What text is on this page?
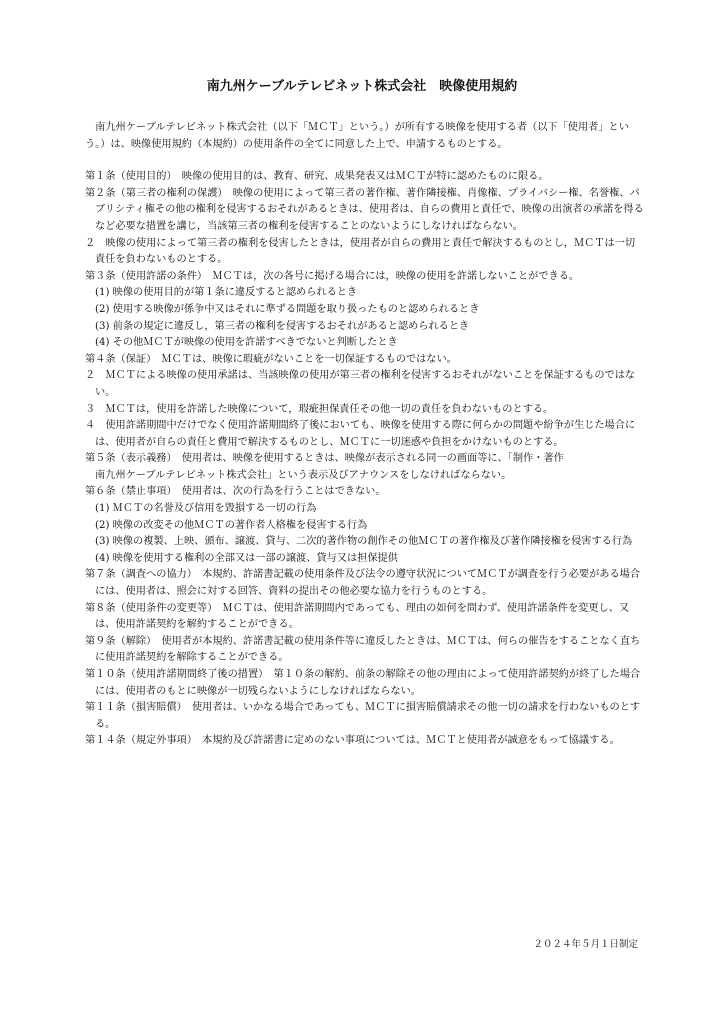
南九州ケーブルテレビネット株式会社　映像使用規約

　南九州ケーブルテレビネット株式会社（以下「ＭＣＴ」という。）が所有する映像を使用する者（以下「使用者」という。）は、映像使用規約（本規約）の使用条件の全てに同意した上で、申請するものとする。

第１条（使用目的）　映像の使用目的は、教育、研究、成果発表又はＭＣＴが特に認めたものに限る。

第２条（第三者の権利の保護）　映像の使用によって第三者の著作権、著作隣接権、肖像権、プライバシー権、名誉権、パブリシティ権その他の権利を侵害するおそれがあるときは、使用者は、自らの費用と責任で、映像の出演者の承諾を得るなど必要な措置を講じ，当該第三者の権利を侵害することのないようにしなければならない。

２　映像の使用によって第三者の権利を侵害したときは，使用者が自らの費用と責任で解決するものとし，ＭＣＴは一切責任を負わないものとする。

第３条（使用許諾の条件）　ＭＣＴは，次の各号に掲げる場合には，映像の使用を許諾しないことができる。

(1) 映像の使用目的が第１条に違反すると認められるとき

(2) 使用する映像が係争中又はそれに準ずる問題を取り扱ったものと認められるとき

(3) 前条の規定に違反し，第三者の権利を侵害するおそれがあると認められるとき

(4) その他ＭＣＴが映像の使用を許諾すべきでないと判断したとき

第４条（保証）　ＭＣＴは、映像に瑕疵がないことを一切保証するものではない。

２　ＭＣＴによる映像の使用承諾は、当該映像の使用が第三者の権利を侵害するおそれがないことを保証するものではない。

３　ＭＣＴは，使用を許諾した映像について，瑕疵担保責任その他一切の責任を負わないものとする。

４　使用許諾期間中だけでなく使用許諾期間終了後においても、映像を使用する際に何らかの問題や紛争が生じた場合には、使用者が自らの責任と費用で解決するものとし、ＭＣＴに一切迷惑や負担をかけないものとする。

第５条（表示義務）　使用者は、映像を使用するときは、映像が表示される同一の画面等に、「制作・著作

南九州ケーブルテレビネット株式会社」という表示及びアナウンスをしなければならない。

第６条（禁止事項）　使用者は、次の行為を行うことはできない。

(1) ＭＣＴの名誉及び信用を毀損する一切の行為

(2) 映像の改変その他ＭＣＴの著作者人格権を侵害する行為

(3) 映像の複製、上映、頒布、譲渡、貸与、二次的著作物の創作その他ＭＣＴの著作権及び著作隣接権を侵害する行為

(4) 映像を使用する権利の全部又は一部の譲渡、貸与又は担保提供

第７条（調査への協力）　本規約、許諾書記載の使用条件及び法令の遵守状況についてＭＣＴが調査を行う必要がある場合には、使用者は、照会に対する回答、資料の提出その他必要な協力を行うものとする。

第８条（使用条件の変更等）　ＭＣＴは、使用許諾期間内であっても、理由の如何を問わず、使用許諾条件を変更し、又は、使用許諾契約を解約することができる。

第９条（解除）　使用者が本規約、許諾書記載の使用条件等に違反したときは、ＭＣＴは、何らの催告をすることなく直ちに使用許諾契約を解除することができる。

第１０条（使用許諾期間終了後の措置）　第１０条の解約、前条の解除その他の理由によって使用許諾契約が終了した場合には、使用者のもとに映像が一切残らないようにしなければならない。

第１１条（損害賠償）　使用者は、いかなる場合であっても、ＭＣＴに損害賠償請求その他一切の請求を行わないものとする。

第１４条（規定外事項）　本規約及び許諾書に定めのない事項については、ＭＣＴと使用者が誠意をもって協議する。

２０２４年５月１日制定
